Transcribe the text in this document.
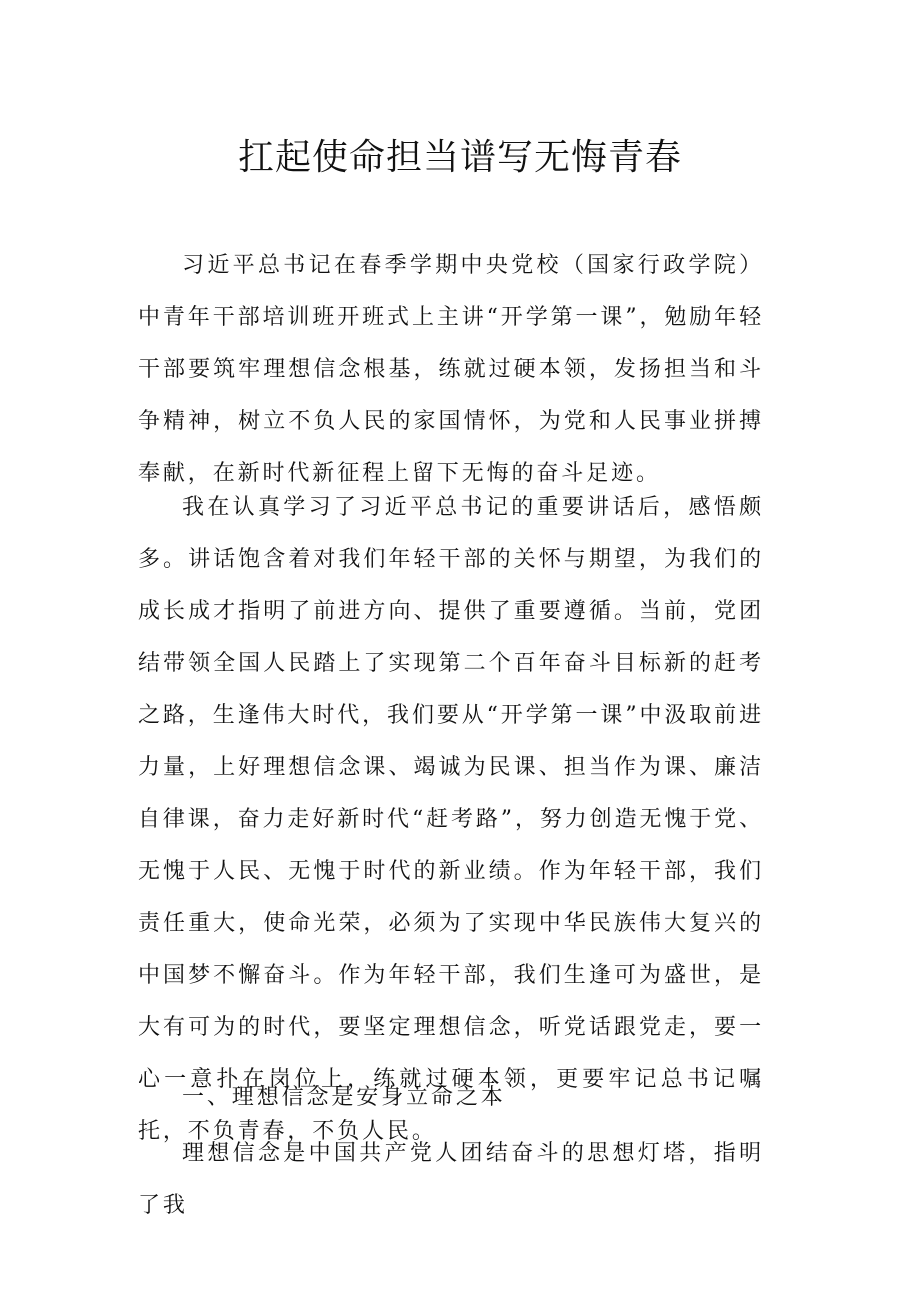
扛起使命担当谱写无悔青春

习近平总书记在春季学期中央党校（国家行政学院）中青年干部培训班开班式上主讲“开学第一课”，勉励年轻干部要筑牢理想信念根基，练就过硬本领，发扬担当和斗争精神，树立不负人民的家国情怀，为党和人民事业拼搏奉献，在新时代新征程上留下无悔的奋斗足迹。

我在认真学习了习近平总书记的重要讲话后，感悟颇多。讲话饱含着对我们年轻干部的关怀与期望，为我们的成长成才指明了前进方向、提供了重要遵循。当前，党团结带领全国人民踏上了实现第二个百年奋斗目标新的赶考之路，生逢伟大时代，我们要从“开学第一课”中汲取前进力量，上好理想信念课、竭诚为民课、担当作为课、廉洁自律课，奋力走好新时代“赶考路”，努力创造无愧于党、无愧于人民、无愧于时代的新业绩。作为年轻干部，我们责任重大，使命光荣，必须为了实现中华民族伟大复兴的中国梦不懈奋斗。作为年轻干部，我们生逢可为盛世，是大有可为的时代，要坚定理想信念，听党话跟党走，要一心一意扑在岗位上，练就过硬本领，更要牢记总书记嘱托，不负青春，不负人民。

一、理想信念是安身立命之本

理想信念是中国共产党人团结奋斗的思想灯塔，指明了我
